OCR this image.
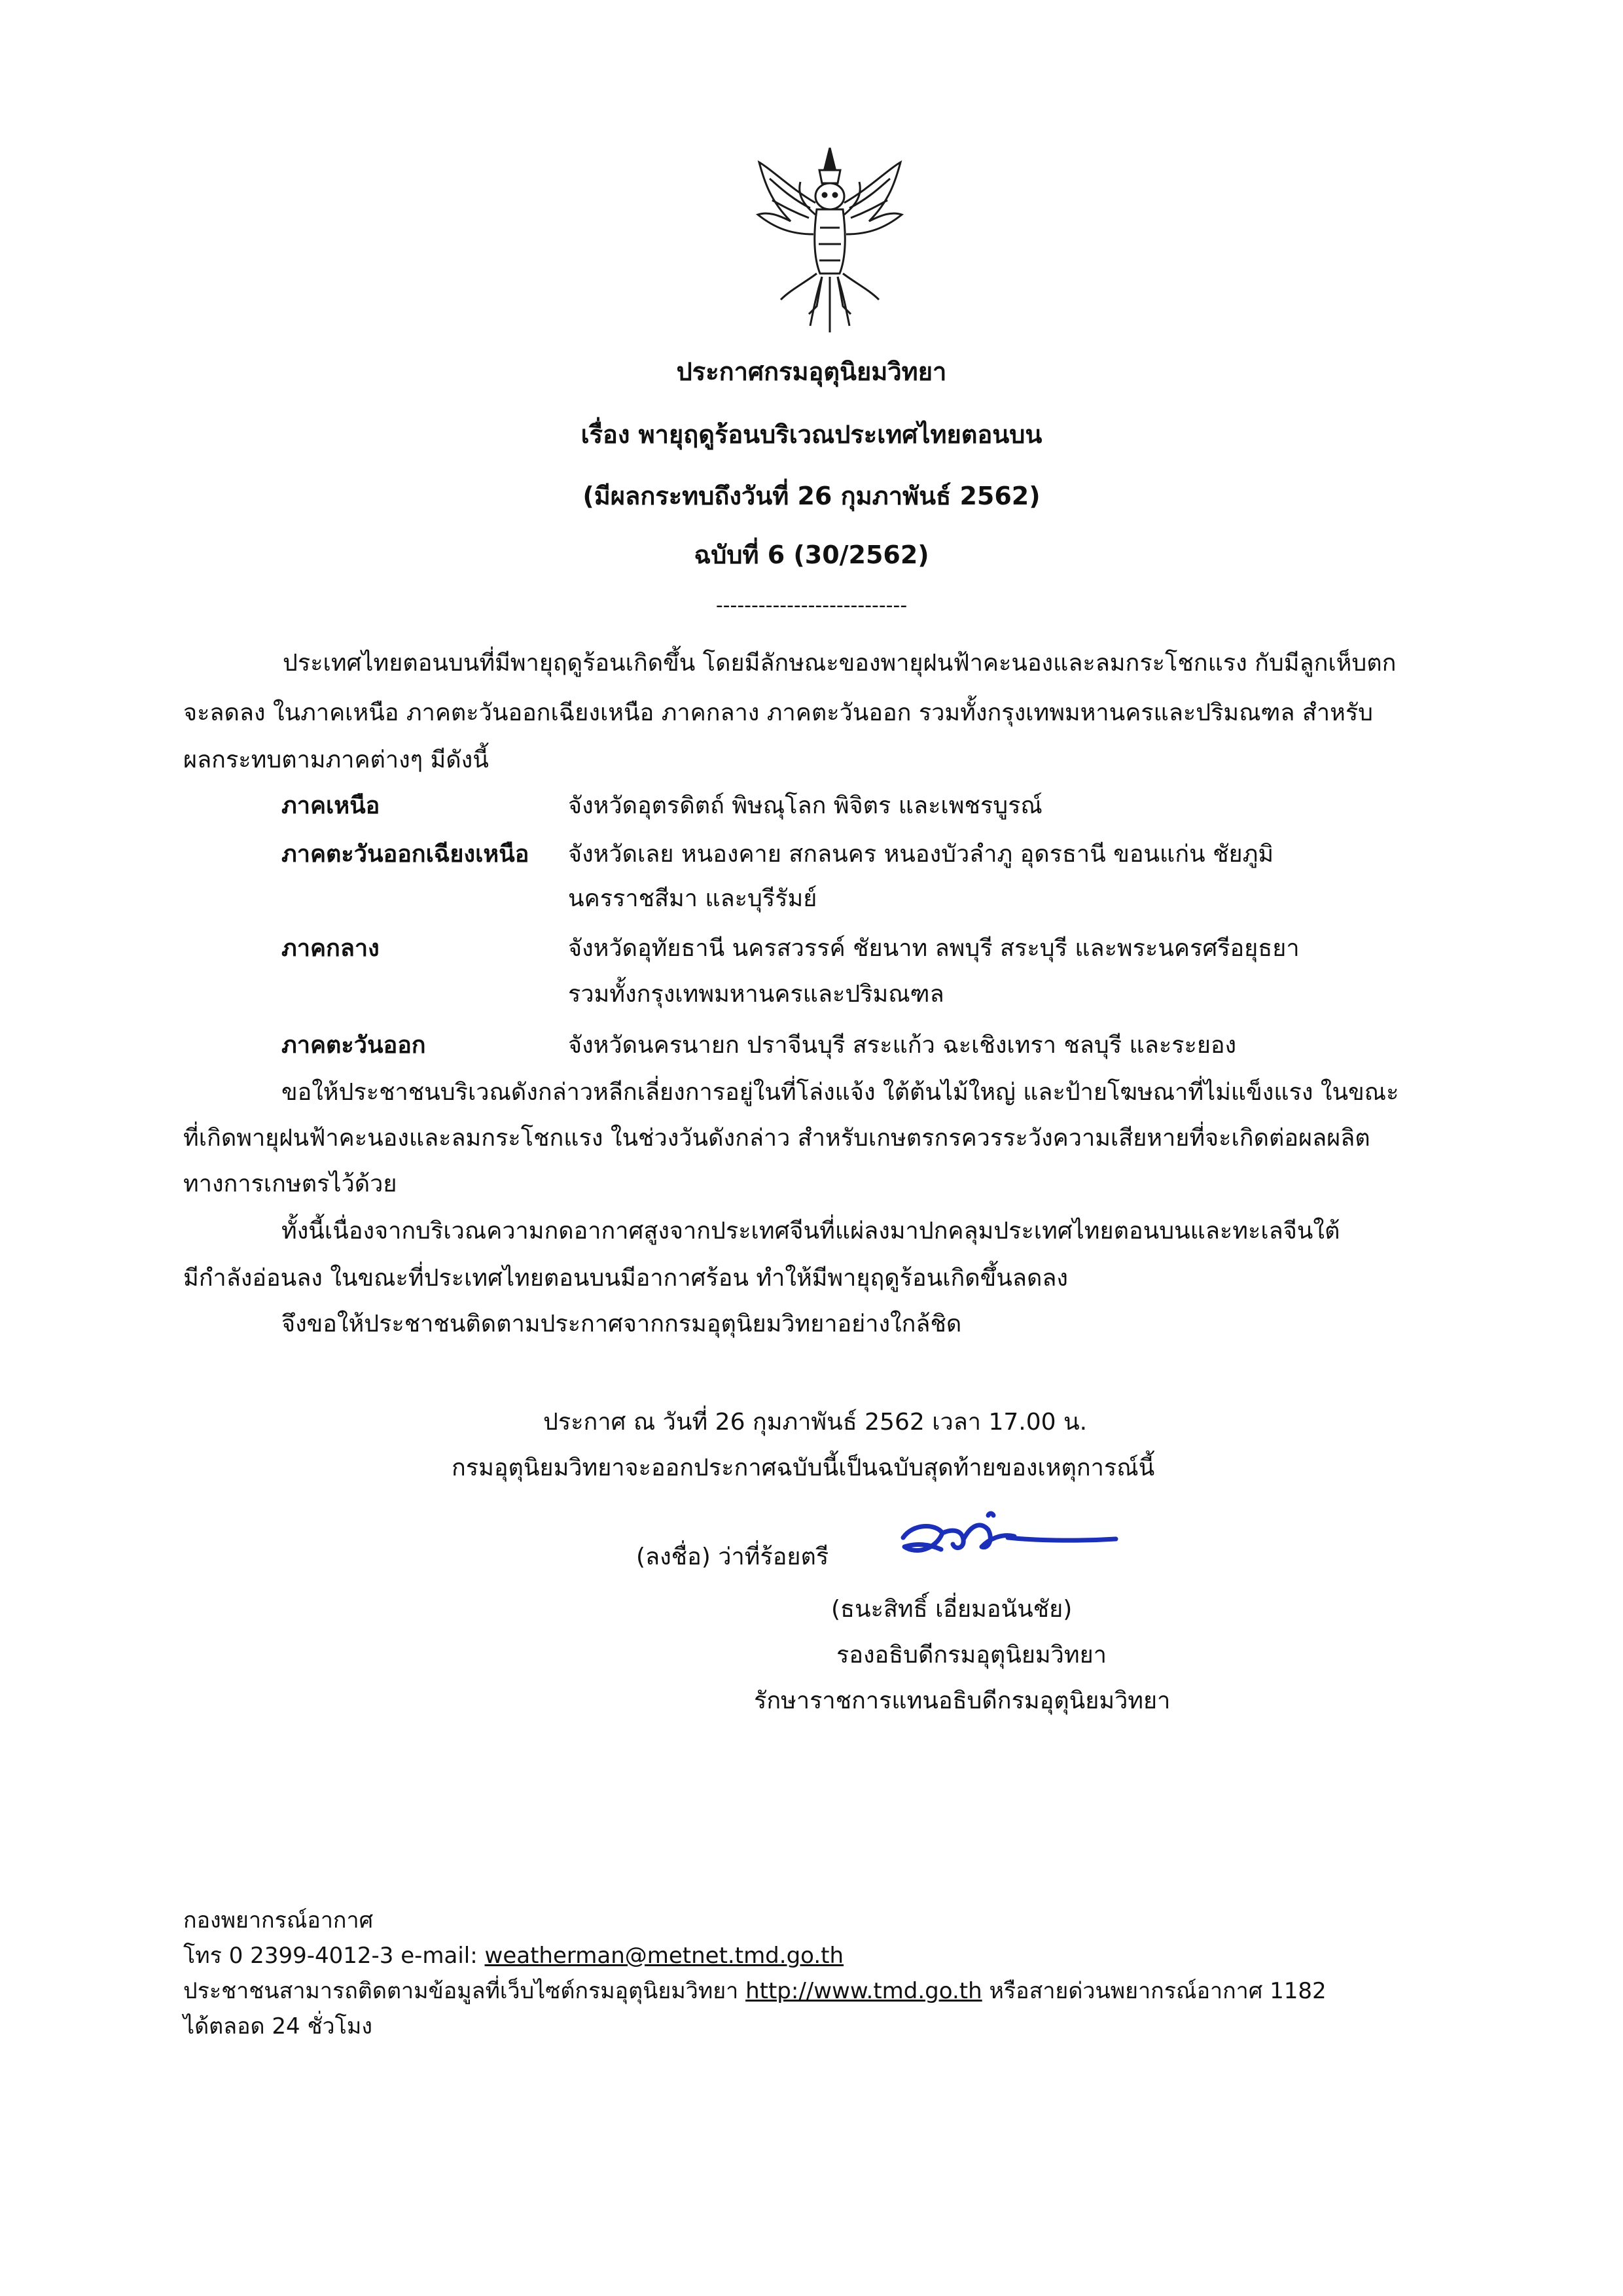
ประกาศกรมอุตุนิยมวิทยา
เรื่อง พายุฤดูร้อนบริเวณประเทศไทยตอนบน
(มีผลกระทบถึงวันที่ 26 กุมภาพันธ์ 2562)
ฉบับที่ 6 (30/2562)
---------------------------
ประเทศไทยตอนบนที่มีพายุฤดูร้อนเกิดขึ้น โดยมีลักษณะของพายุฝนฟ้าคะนองและลมกระโชกแรง กับมีลูกเห็บตก
จะลดลง ในภาคเหนือ ภาคตะวันออกเฉียงเหนือ ภาคกลาง ภาคตะวันออก รวมทั้งกรุงเทพมหานครและปริมณฑล สำหรับ
ผลกระทบตามภาคต่างๆ มีดังนี้
ภาคเหนือ	จังหวัดอุตรดิตถ์ พิษณุโลก พิจิตร และเพชรบูรณ์
ภาคตะวันออกเฉียงเหนือ จังหวัดเลย หนองคาย สกลนคร หนองบัวลำภู อุดรธานี ขอนแก่น ชัยภูมิ
นครราชสีมา และบุรีรัมย์
ภาคกลาง	จังหวัดอุทัยธานี นครสวรรค์ ชัยนาท ลพบุรี สระบุรี และพระนครศรีอยุธยา
รวมทั้งกรุงเทพมหานครและปริมณฑล
ภาคตะวันออก	จังหวัดนครนายก ปราจีนบุรี สระแก้ว ฉะเชิงเทรา ชลบุรี และระยอง
ขอให้ประชาชนบริเวณดังกล่าวหลีกเลี่ยงการอยู่ในที่โล่งแจ้ง ใต้ต้นไม้ใหญ่ และป้ายโฆษณาที่ไม่แข็งแรง ในขณะ
ที่เกิดพายุฝนฟ้าคะนองและลมกระโชกแรง ในช่วงวันดังกล่าว สำหรับเกษตรกรควรระวังความเสียหายที่จะเกิดต่อผลผลิต
ทางการเกษตรไว้ด้วย
ทั้งนี้เนื่องจากบริเวณความกดอากาศสูงจากประเทศจีนที่แผ่ลงมาปกคลุมประเทศไทยตอนบนและทะเลจีนใต้
มีกำลังอ่อนลง ในขณะที่ประเทศไทยตอนบนมีอากาศร้อน ทำให้มีพายุฤดูร้อนเกิดขึ้นลดลง
จึงขอให้ประชาชนติดตามประกาศจากกรมอุตุนิยมวิทยาอย่างใกล้ชิด
ประกาศ ณ วันที่ 26 กุมภาพันธ์ 2562 เวลา 17.00 น.
กรมอุตุนิยมวิทยาจะออกประกาศฉบับนี้เป็นฉบับสุดท้ายของเหตุการณ์นี้
(ลงชื่อ) ว่าที่ร้อยตรี
(ธนะสิทธิ์ เอี่ยมอนันชัย)
รองอธิบดีกรมอุตุนิยมวิทยา
รักษาราชการแทนอธิบดีกรมอุตุนิยมวิทยา
กองพยากรณ์อากาศ
โทร 0 2399-4012-3 e-mail: weatherman@metnet.tmd.go.th
ประชาชนสามารถติดตามข้อมูลที่เว็บไซต์กรมอุตุนิยมวิทยา http://www.tmd.go.th หรือสายด่วนพยากรณ์อากาศ 1182
ได้ตลอด 24 ชั่วโมง
